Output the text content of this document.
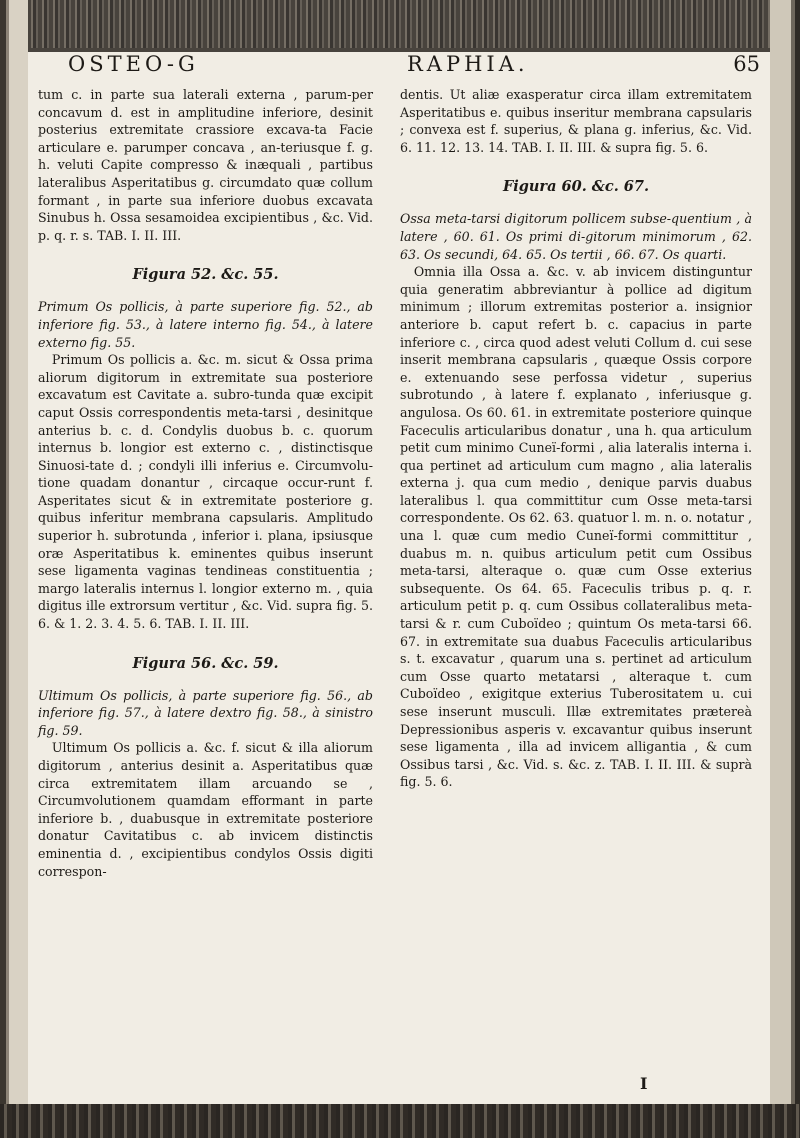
OSTEO-G	RAPHIA.	65

tum c. in parte sua laterali externa , parum-per concavum d. est in amplitudine inferiore, desinit posterius extremitate crassiore excava-ta Facie articulare e. parumper concava , an-teriusque f. g. h. veluti Capite compresso & inæquali , partibus lateralibus Asperitatibus g. circumdato quæ collum formant , in parte sua inferiore duobus excavata Sinubus h. Ossa sesamoidea excipientibus , &c. Vid. p. q. r. s. TAB. I. II. III.

Figura 52. &c. 55.

Primum Os pollicis, à parte superiore fig. 52., ab inferiore fig. 53., à latere interno fig. 54., à latere externo fig. 55.

Primum Os pollicis a. &c. m. sicut & Ossa prima aliorum digitorum in extremitate sua posteriore excavatum est Cavitate a. subro-tunda quæ excipit caput Ossis correspondentis meta-tarsi , desinitque anterius b. c. d. Condylis duobus b. c. quorum internus b. longior est externo c. , distinctisque Sinuosi-tate d. ; condyli illi inferius e. Circumvolu-tione quadam donantur , circaque occur-runt f. Asperitates sicut & in extremitate posteriore g. quibus inferitur membrana capsularis. Amplitudo superior h. subrotunda , inferior i. plana, ipsiusque oræ Asperitatibus k. eminentes quibus inserunt sese ligamenta vaginas tendineas constituentia ; margo lateralis internus l. longior externo m. , quia digitus ille extrorsum vertitur , &c. Vid. supra fig. 5. 6. & 1. 2. 3. 4. 5. 6. TAB. I. II. III.

Figura 56. &c. 59.

Ultimum Os pollicis, à parte superiore fig. 56., ab inferiore fig. 57., à latere dextro fig. 58., à sinistro fig. 59.

Ultimum Os pollicis a. &c. f. sicut & illa aliorum digitorum , anterius desinit a. Asperitatibus quæ circa extremitatem illam arcuando se , Circumvolutionem quamdam efformant in parte inferiore b. , duabusque in extremitate posteriore donatur Cavitatibus c. ab invicem distinctis eminentia d. , excipientibus condylos Ossis digiti correspon-

dentis. Ut aliæ exasperatur circa illam extremitatem Asperitatibus e. quibus inseritur membrana capsularis ; convexa est f. superius, & plana g. inferius, &c. Vid. 6. 11. 12. 13. 14. TAB. I. II. III. & supra fig. 5. 6.

Figura 60. &c. 67.

Ossa meta-tarsi digitorum pollicem subse-quentium , à latere , 60. 61. Os primi di-gitorum minimorum , 62. 63. Os secundi, 64. 65. Os tertii , 66. 67. Os quarti.

Omnia illa Ossa a. &c. v. ab invicem distinguntur quia generatim abbreviantur à pollice ad digitum minimum ; illorum extremitas posterior a. insignior anteriore b. caput refert b. c. capacius in parte inferiore c. , circa quod adest veluti Collum d. cui sese inserit membrana capsularis , quæque Ossis corpore e. extenuando sese perfossa videtur , superius subrotundo , à latere f. explanato , inferiusque g. angulosa. Os 60. 61. in extremitate posteriore quinque Faceculis articularibus donatur , una h. qua articulum petit cum minimo Cuneï-formi , alia lateralis interna i. qua pertinet ad articulum cum magno , alia lateralis externa j. qua cum medio , denique parvis duabus lateralibus l. qua committitur cum Osse meta-tarsi correspondente. Os 62. 63. quatuor l. m. n. o. notatur , una l. quæ cum medio Cuneï-formi committitur , duabus m. n. quibus articulum petit cum Ossibus meta-tarsi, alteraque o. quæ cum Osse exterius subsequente. Os 64. 65. Faceculis tribus p. q. r. articulum petit p. q. cum Ossibus collateralibus meta-tarsi & r. cum Cuboïdeo ; quintum Os meta-tarsi 66. 67. in extremitate sua duabus Faceculis articularibus s. t. excavatur , quarum una s. pertinet ad articulum cum Osse quarto metatarsi , alteraque t. cum Cuboïdeo , exigitque exterius Tuberositatem u. cui sese inserunt musculi. Illæ extremitates prætereà Depressionibus asperis v. excavantur quibus inserunt sese ligamenta , illa ad invicem alligantia , & cum Ossibus tarsi , &c. Vid. s. &c. z. TAB. I. II. III. & suprà fig. 5. 6.

I
